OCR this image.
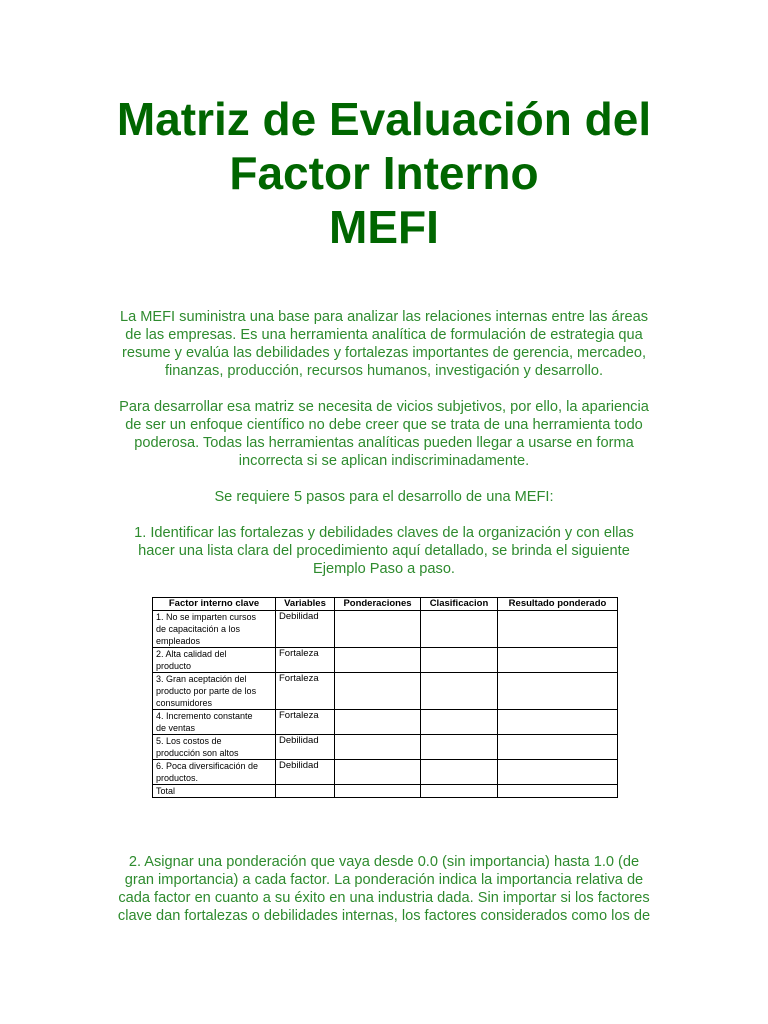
Matriz de Evaluación del
Factor Interno
MEFI

La MEFI suministra una base para analizar las relaciones internas entre las áreas
de las empresas. Es una herramienta analítica de formulación de estrategia qua
resume y evalúa las debilidades y fortalezas importantes de gerencia, mercadeo,
finanzas, producción, recursos humanos, investigación y desarrollo.

Para desarrollar esa matriz se necesita de vicios subjetivos, por ello, la apariencia
de ser un enfoque científico no debe creer que se trata de una herramienta todo
poderosa. Todas las herramientas analíticas pueden llegar a usarse en forma
incorrecta si se aplican indiscriminadamente.

Se requiere 5 pasos para el desarrollo de una MEFI:

1. Identificar las fortalezas y debilidades claves de la organización y con ellas
hacer una lista clara del procedimiento aquí detallado, se brinda el siguiente
Ejemplo Paso a paso.

Factor interno clave	Variables	Ponderaciones	Clasificacion	Resultado ponderado

1. No se imparten cursos
de capacitación a los
empleados	Debilidad			

2. Alta calidad del
producto	Fortaleza			

3. Gran aceptación del
producto por parte de los
consumidores	Fortaleza			

4. Incremento constante
de ventas	Fortaleza			

5. Los costos de
producción son altos	Debilidad			

6. Poca diversificación de
productos.	Debilidad			

Total				

2. Asignar una ponderación que vaya desde 0.0 (sin importancia) hasta 1.0 (de
gran importancia) a cada factor. La ponderación indica la importancia relativa de
cada factor en cuanto a su éxito en una industria dada. Sin importar si los factores
clave dan fortalezas o debilidades internas, los factores considerados como los de
